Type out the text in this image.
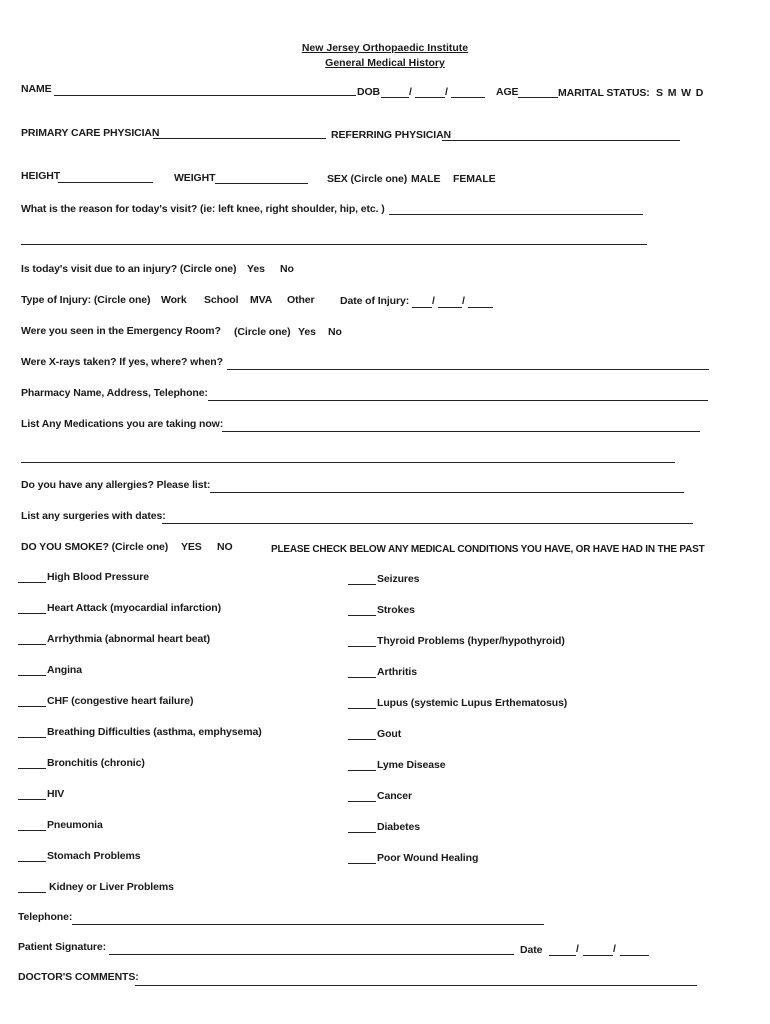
New Jersey Orthopaedic Institute
General Medical History
NAME	DOB	/	/	AGE	MARITAL STATUS: S M W D
PRIMARY CARE PHYSICIAN	REFERRING PHYSICIAN
HEIGHT	WEIGHT	SEX (Circle one) MALE FEMALE
What is the reason for today's visit? (ie: left knee, right shoulder, hip, etc. )
Is today's visit due to an injury? (Circle one) Yes No
Type of Injury: (Circle one) Work School MVA Other Date of Injury: /	/
Were you seen in the Emergency Room? (Circle one) Yes No
Were X-rays taken? If yes, where? when?
Pharmacy Name, Address, Telephone:
List Any Medications you are taking now:
Do you have any allergies? Please list:
List any surgeries with dates:
DO YOU SMOKE? (Circle one) YES NO	PLEASE CHECK BELOW ANY MEDICAL CONDITIONS YOU HAVE, OR HAVE HAD IN THE PAST
High Blood Pressure
Heart Attack (myocardial infarction)
Arrhythmia (abnormal heart beat)
Angina
CHF (congestive heart failure)
Breathing Difficulties (asthma, emphysema)
Bronchitis (chronic)
HIV
Pneumonia
Stomach Problems
Kidney or Liver Problems
Seizures
Strokes
Thyroid Problems (hyper/hypothyroid)
Arthritis
Lupus (systemic Lupus Erthematosus)
Gout
Lyme Disease
Cancer
Diabetes
Poor Wound Healing
Telephone:
Patient Signature:	Date	/	/
DOCTOR'S COMMENTS:
